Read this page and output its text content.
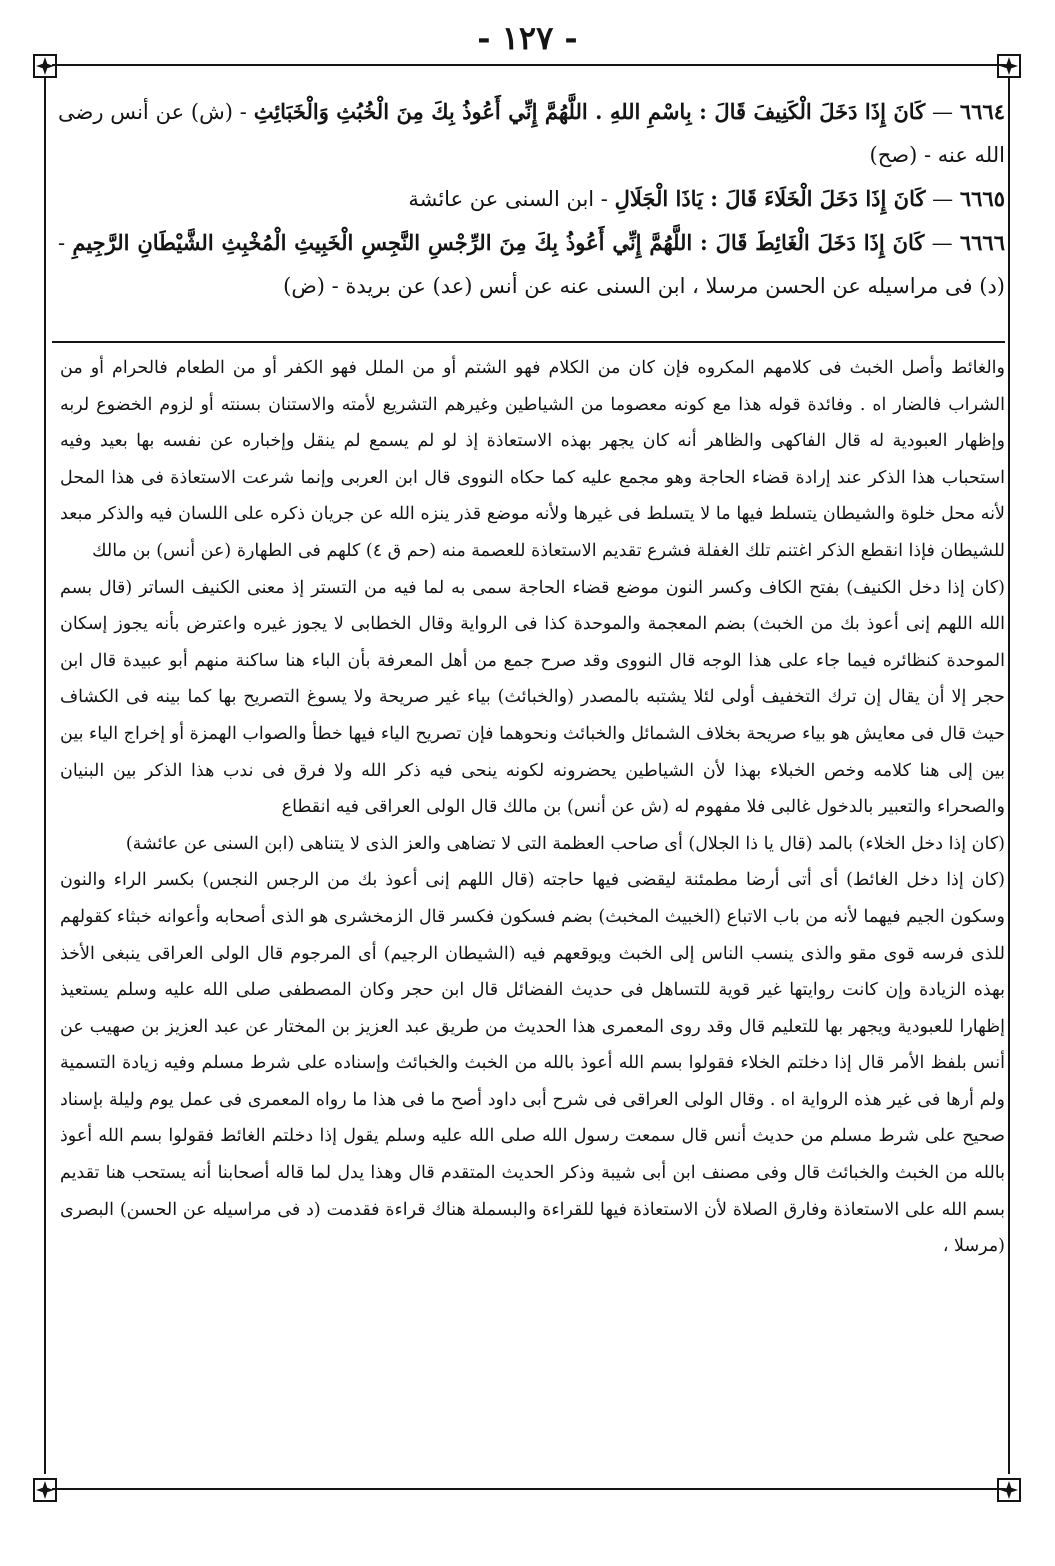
- ١٢٧ -

٦٦٦٤ — كَانَ إِذَا دَخَلَ الْكَنِيفَ قَالَ : بِاسْمِ اللهِ . اللَّهُمَّ إِنِّي أَعُوذُ بِكَ مِنَ الْخُبُثِ وَالْخَبَائِثِ - (ش) عن أنس رضى الله عنه - (صح)

٦٦٦٥ — كَانَ إِذَا دَخَلَ الْخَلَاءَ قَالَ : يَاذَا الْجَلَالِ - ابن السنى عن عائشة

٦٦٦٦ — كَانَ إِذَا دَخَلَ الْغَائِطَ قَالَ : اللَّهُمَّ إِنِّي أَعُوذُ بِكَ مِنَ الرِّجْسِ النَّجِسِ الْخَبِيثِ الْمُخْبِثِ الشَّيْطَانِ الرَّجِيمِ - (د) فى مراسيله عن الحسن مرسلا ، ابن السنى عنه عن أنس (عد) عن بريدة - (ض)

والغائط وأصل الخبث فى كلامهم المكروه فإن كان من الكلام فهو الشتم أو من الملل فهو الكفر أو من الطعام فالحرام أو من الشراب فالضار اه . وفائدة قوله هذا مع كونه معصوما من الشياطين وغيرهم التشريع لأمته والاستنان بسنته أو لزوم الخضوع لربه وإظهار العبودية له قال الفاكهى والظاهر أنه كان يجهر بهذه الاستعاذة إذ لو لم يسمع لم ينقل وإخباره عن نفسه بها بعيد وفيه استحباب هذا الذكر عند إرادة قضاء الحاجة وهو مجمع عليه كما حكاه النووى قال ابن العربى وإنما شرعت الاستعاذة فى هذا المحل لأنه محل خلوة والشيطان يتسلط فيها ما لا يتسلط فى غيرها ولأنه موضع قذر ينزه الله عن جريان ذكره على اللسان فيه والذكر مبعد للشيطان فإذا انقطع الذكر اغتنم تلك الغفلة فشرع تقديم الاستعاذة للعصمة منه (حم ق ٤) كلهم فى الطهارة (عن أنس) بن مالك

(كان إذا دخل الكنيف) بفتح الكاف وكسر النون موضع قضاء الحاجة سمى به لما فيه من التستر إذ معنى الكنيف الساتر (قال بسم الله اللهم إنى أعوذ بك من الخبث) بضم المعجمة والموحدة كذا فى الرواية وقال الخطابى لا يجوز غيره واعترض بأنه يجوز إسكان الموحدة كنظائره فيما جاء على هذا الوجه قال النووى وقد صرح جمع من أهل المعرفة بأن الباء هنا ساكنة منهم أبو عبيدة قال ابن حجر إلا أن يقال إن ترك التخفيف أولى لئلا يشتبه بالمصدر (والخبائث) بياء غير صريحة ولا يسوغ التصريح بها كما بينه فى الكشاف حيث قال فى معايش هو بياء صريحة بخلاف الشمائل والخبائث ونحوهما فإن تصريح الياء فيها خطأ والصواب الهمزة أو إخراج الياء بين بين إلى هنا كلامه وخص الخبلاء بهذا لأن الشياطين يحضرونه لكونه ينحى فيه ذكر الله ولا فرق فى ندب هذا الذكر بين البنيان والصحراء والتعبير بالدخول غالبى فلا مفهوم له (ش عن أنس) بن مالك قال الولى العراقى فيه انقطاع

(كان إذا دخل الخلاء) بالمد (قال يا ذا الجلال) أى صاحب العظمة التى لا تضاهى والعز الذى لا يتناهى (ابن السنى عن عائشة)

(كان إذا دخل الغائط) أى أتى أرضا مطمئنة ليقضى فيها حاجته (قال اللهم إنى أعوذ بك من الرجس النجس) بكسر الراء والنون وسكون الجيم فيهما لأنه من باب الاتباع (الخبيث المخبث) بضم فسكون فكسر قال الزمخشرى هو الذى أصحابه وأعوانه خبثاء كقولهم للذى فرسه قوى مقو والذى ينسب الناس إلى الخبث ويوقعهم فيه (الشيطان الرجيم) أى المرجوم قال الولى العراقى ينبغى الأخذ بهذه الزيادة وإن كانت روايتها غير قوية للتساهل فى حديث الفضائل قال ابن حجر وكان المصطفى صلى الله عليه وسلم يستعيذ إظهارا للعبودية ويجهر بها للتعليم قال وقد روى المعمرى هذا الحديث من طريق عبد العزيز بن المختار عن عبد العزيز بن صهيب عن أنس بلفظ الأمر قال إذا دخلتم الخلاء فقولوا بسم الله أعوذ بالله من الخبث والخبائث وإسناده على شرط مسلم وفيه زيادة التسمية ولم أرها فى غير هذه الرواية اه . وقال الولى العراقى فى شرح أبى داود أصح ما فى هذا ما رواه المعمرى فى عمل يوم وليلة بإسناد صحيح على شرط مسلم من حديث أنس قال سمعت رسول الله صلى الله عليه وسلم يقول إذا دخلتم الغائط فقولوا بسم الله أعوذ بالله من الخبث والخبائث قال وفى مصنف ابن أبى شيبة وذكر الحديث المتقدم قال وهذا يدل لما قاله أصحابنا أنه يستحب هنا تقديم بسم الله على الاستعاذة وفارق الصلاة لأن الاستعاذة فيها للقراءة والبسملة هناك قراءة فقدمت (د فى مراسيله عن الحسن) البصرى (مرسلا ،
